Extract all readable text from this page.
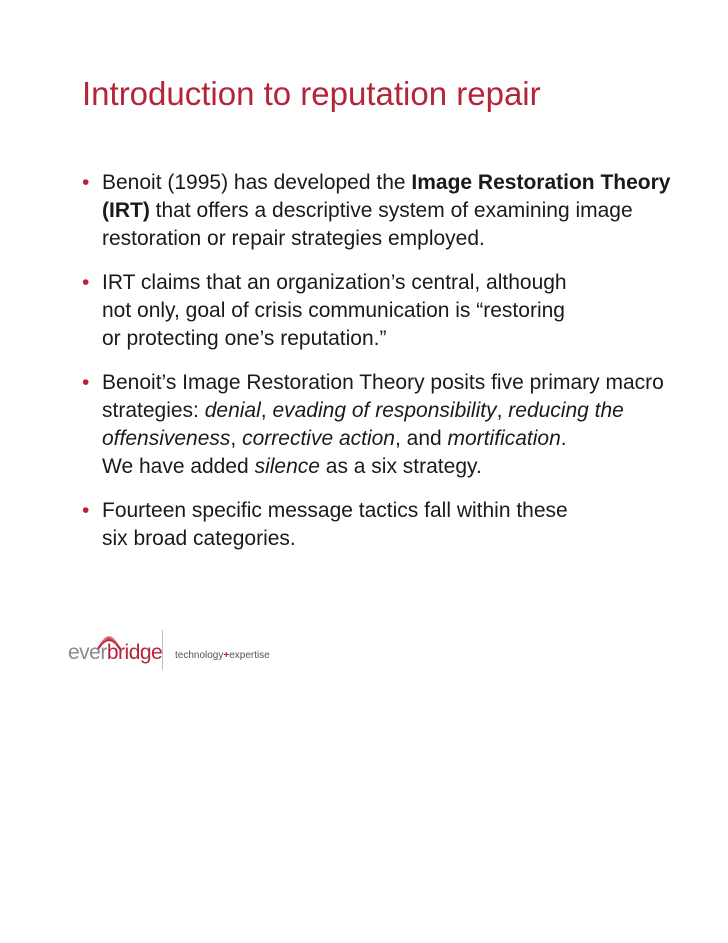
Introduction to reputation repair
• Benoit (1995) has developed the Image Restoration Theory
(IRT) that offers a descriptive system of examining image
restoration or repair strategies employed.
• IRT claims that an organization’s central, although
not only, goal of crisis communication is “restoring
or protecting one’s reputation.”
• Benoit’s Image Restoration Theory posits five primary macro
strategies: denial, evading of responsibility, reducing the
offensiveness, corrective action, and mortification.
We have added silence as a six strategy.
• Fourteen specific message tactics fall within these
six broad categories.
everbridge technology+expertise
